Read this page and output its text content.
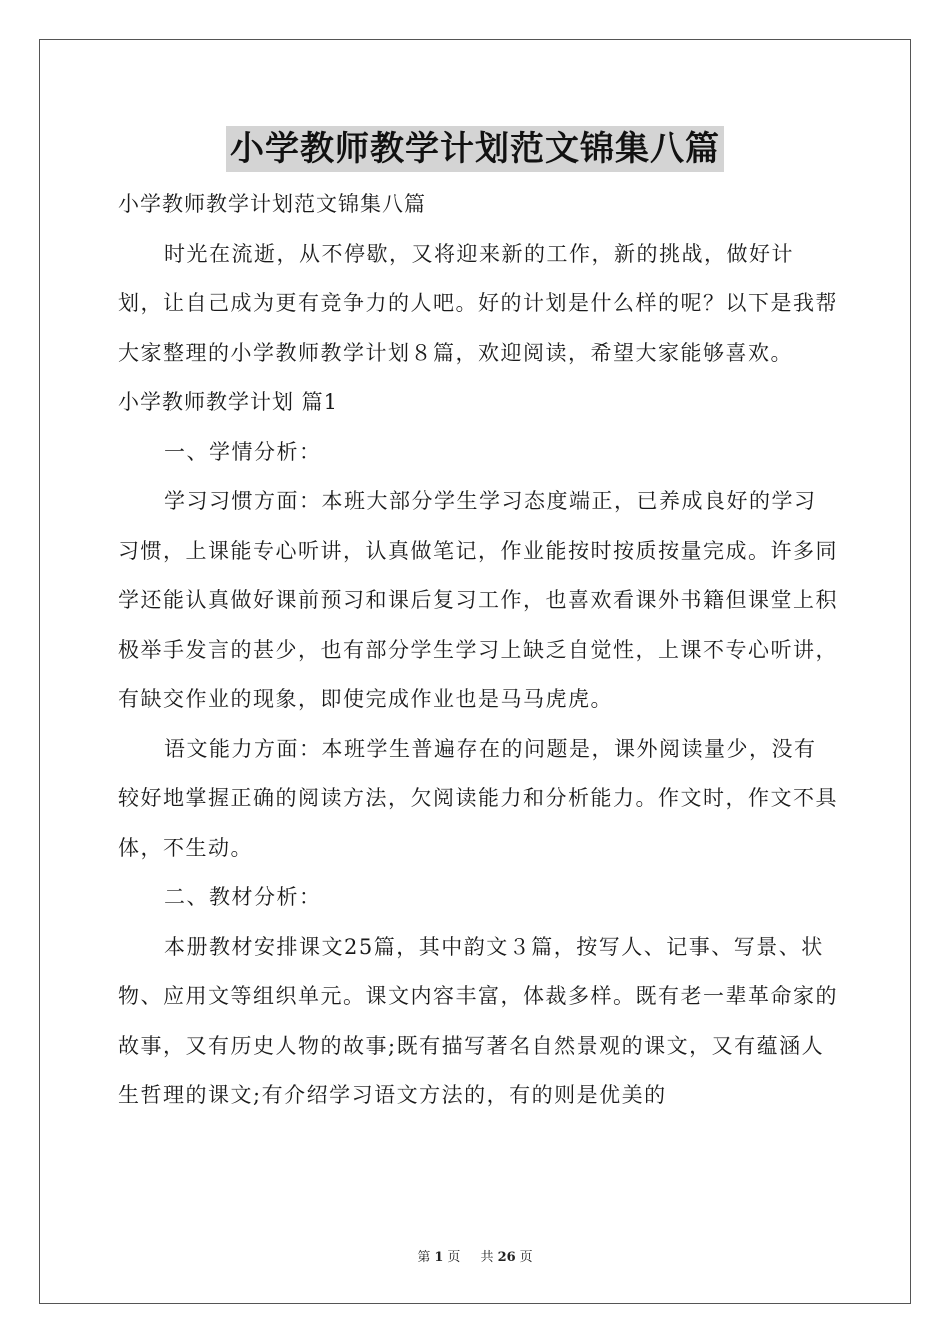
小学教师教学计划范文锦集八篇

小学教师教学计划范文锦集八篇

时光在流逝，从不停歇，又将迎来新的工作，新的挑战，做好计划，让自己成为更有竞争力的人吧。好的计划是什么样的呢？以下是我帮大家整理的小学教师教学计划８篇，欢迎阅读，希望大家能够喜欢。

小学教师教学计划 篇1

一、学情分析：

学习习惯方面：本班大部分学生学习态度端正，已养成良好的学习习惯，上课能专心听讲，认真做笔记，作业能按时按质按量完成。许多同学还能认真做好课前预习和课后复习工作，也喜欢看课外书籍但课堂上积极举手发言的甚少，也有部分学生学习上缺乏自觉性，上课不专心听讲，有缺交作业的现象，即使完成作业也是马马虎虎。

语文能力方面：本班学生普遍存在的问题是，课外阅读量少，没有较好地掌握正确的阅读方法，欠阅读能力和分析能力。作文时，作文不具体，不生动。

二、教材分析：

本册教材安排课文25篇，其中韵文３篇，按写人、记事、写景、状物、应用文等组织单元。课文内容丰富，体裁多样。既有老一辈革命家的故事，又有历史人物的故事;既有描写著名自然景观的课文，又有蕴涵人生哲理的课文;有介绍学习语文方法的，有的则是优美的

第 1 页 共 26 页
